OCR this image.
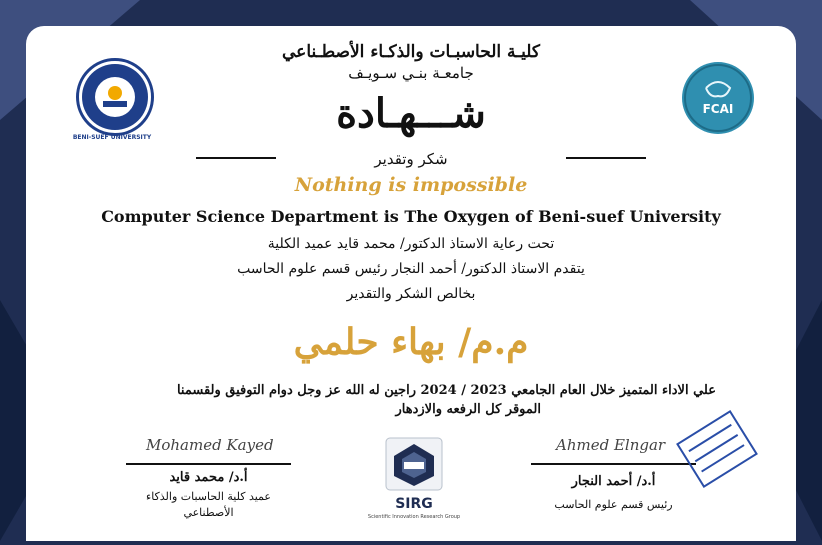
BENI-SUEF UNIVERSITY
FCAI
كليـة الحاسبـات والذكـاء الأصطـناعي
جامعـة بنـي سـويـف
شـــهـادة
شكر وتقدير
Nothing is impossible
Computer Science Department is The Oxygen of Beni-suef University
تحت رعاية الاستاذ الدكتور/ محمد قايد عميد الكلية
يتقدم الاستاذ الدكتور/ أحمد النجار رئيس قسم علوم الحاسب
بخالص الشكر والتقدير
م.م/ بهاء حلمي
علي الاداء المتميز خلال العام الجامعي 2023 / 2024 راجين له الله عز وجل دوام التوفيق ولقسمنا
الموقر كل الرفعه والازدهار
Mohamed Kayed
أ.د/ محمد قايد
عميد كلية الحاسبات والذكاء
الأصطناعي
SIRG
Scientific Innovation Research Group
Ahmed Elngar
أ.د/ أحمد النجار
رئيس قسم علوم الحاسب
